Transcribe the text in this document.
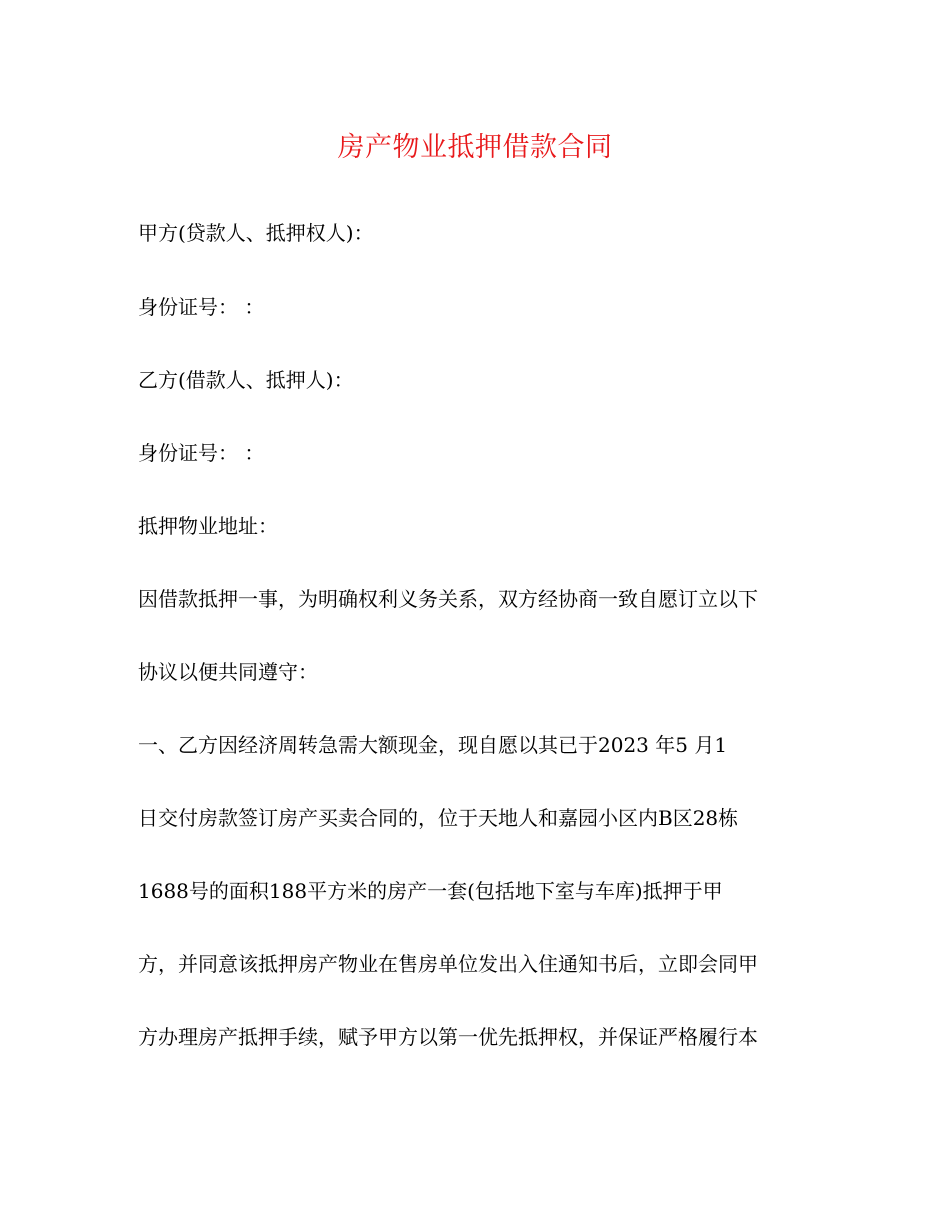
房产物业抵押借款合同
甲方(贷款人、抵押权人)：
身份证号： ：
乙方(借款人、抵押人)：
身份证号： ：
抵押物业地址：
因借款抵押一事，为明确权利义务关系，双方经协商一致自愿订立以下
协议以便共同遵守：
一、乙方因经济周转急需大额现金，现自愿以其已于2023 年5 月1
日交付房款签订房产买卖合同的，位于天地人和嘉园小区内B区28栋
1688号的面积188平方米的房产一套(包括地下室与车库)抵押于甲
方，并同意该抵押房产物业在售房单位发出入住通知书后，立即会同甲
方办理房产抵押手续，赋予甲方以第一优先抵押权，并保证严格履行本
